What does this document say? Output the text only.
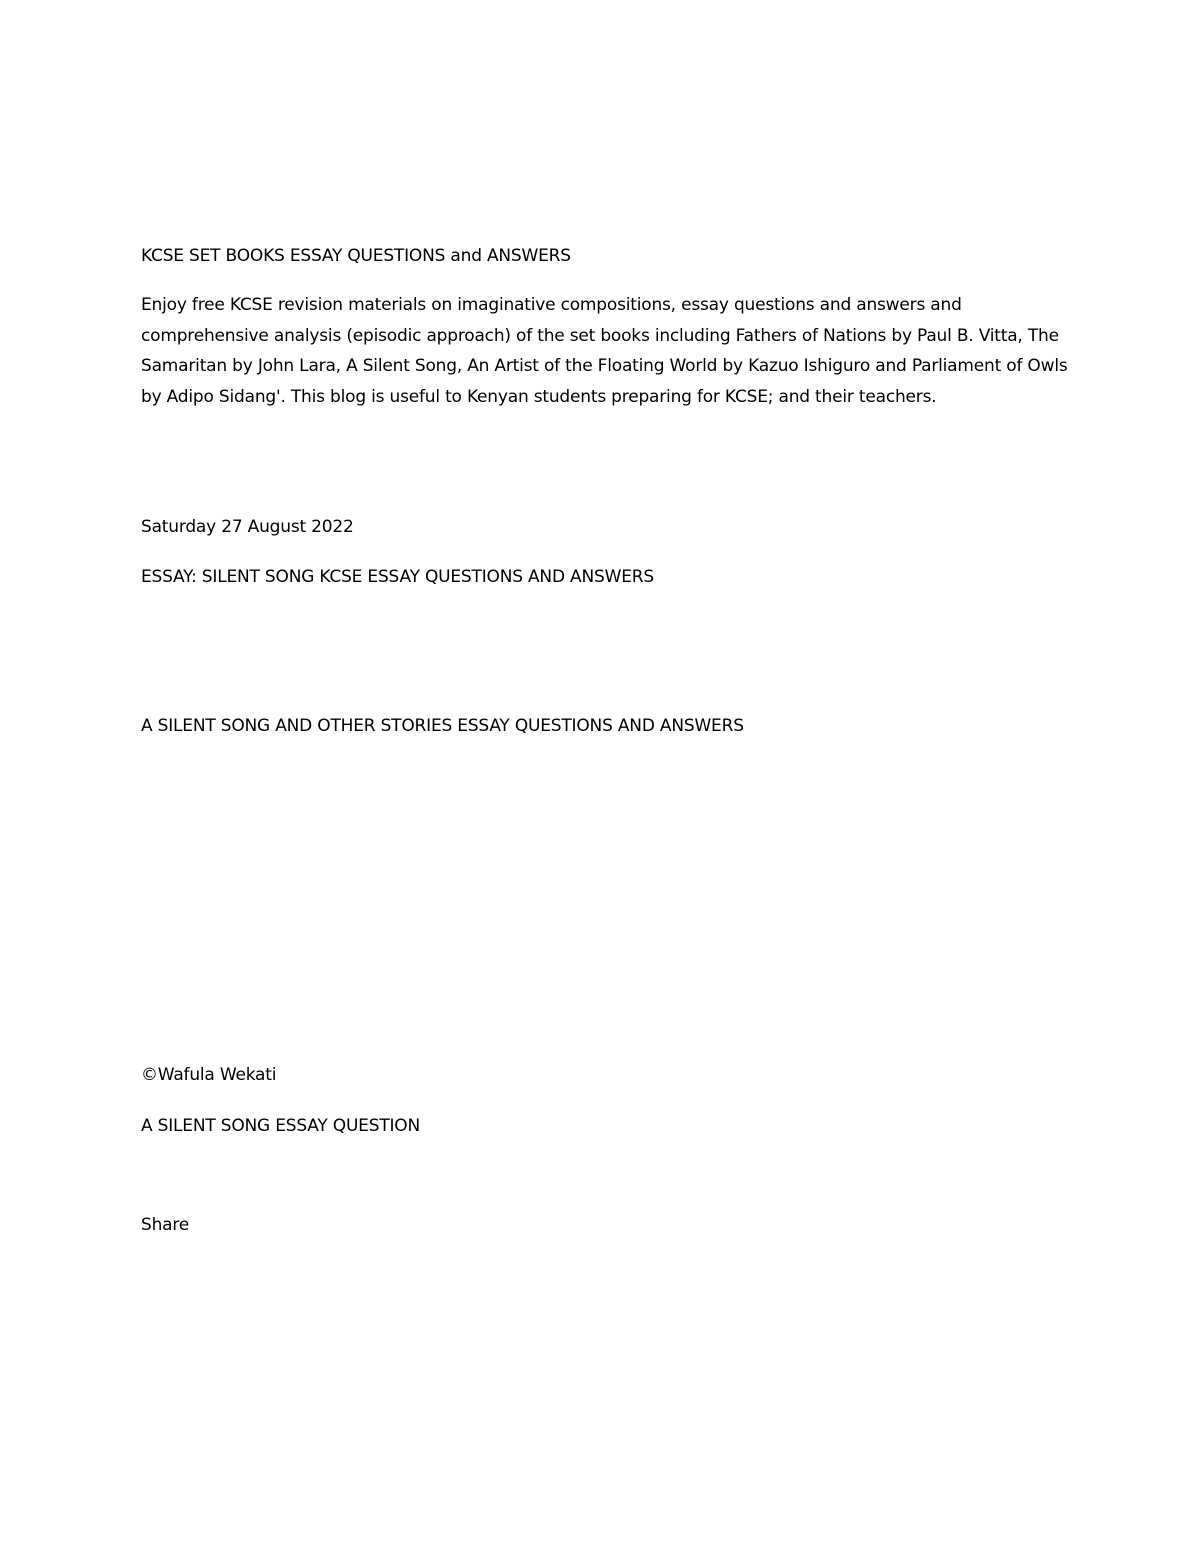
KCSE SET BOOKS ESSAY QUESTIONS and ANSWERS
Enjoy free KCSE revision materials on imaginative compositions, essay questions and answers and comprehensive analysis (episodic approach) of the set books including Fathers of Nations by Paul B. Vitta, The Samaritan by John Lara, A Silent Song, An Artist of the Floating World by Kazuo Ishiguro and Parliament of Owls by Adipo Sidang'. This blog is useful to Kenyan students preparing for KCSE; and their teachers.
Saturday 27 August 2022
ESSAY: SILENT SONG KCSE ESSAY QUESTIONS AND ANSWERS
A SILENT SONG AND OTHER STORIES ESSAY QUESTIONS AND ANSWERS
©Wafula Wekati
A SILENT SONG ESSAY QUESTION
Share
